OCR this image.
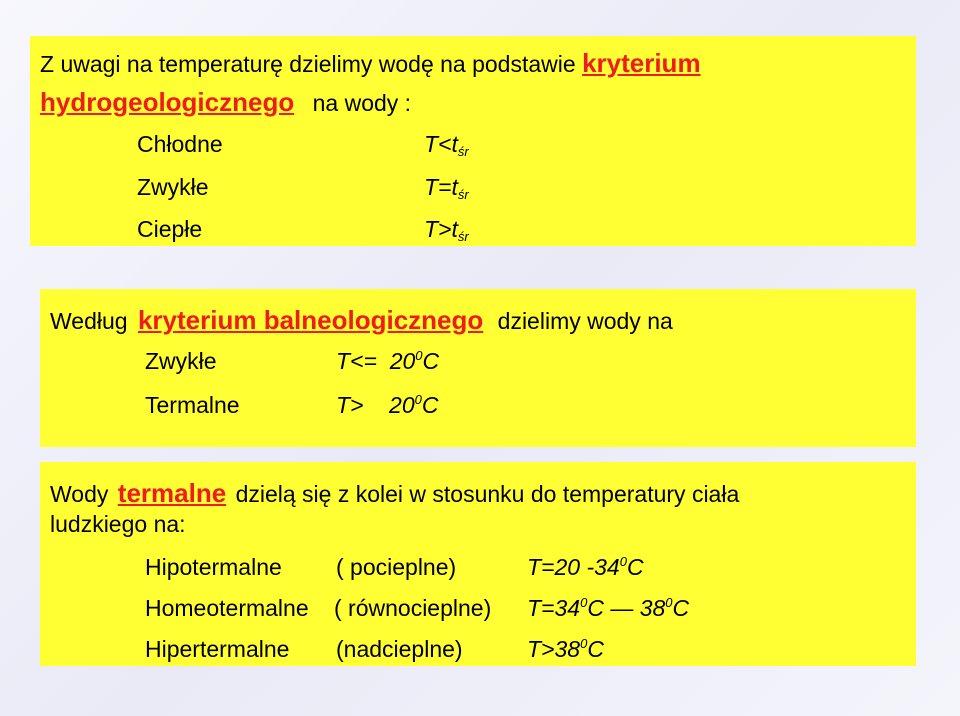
Z uwagi na temperaturę dzielimy wodę na podstawie kryterium
hydrogeologicznego na wody :
Chłodne	$T<t_{śr}$
Zwykłe	$T=t_{śr}$
Ciepłe	$T>t_{śr}$
Według kryterium balneologicznego dzielimy wody na
Zwykłe	$T<= 20^0C$
Termalne	$T> 20^0C$
Wody termalne dzielą się z kolei w stosunku do temperatury ciała
ludzkiego na:
Hipotermalne ( pocieplne)	T=20 $-34^0C$
Homeotermalne ( równocieplne) $T=34^0C$ — $38^0C$
Hipertermalne (nadcieplne)	$T>38^0C$
